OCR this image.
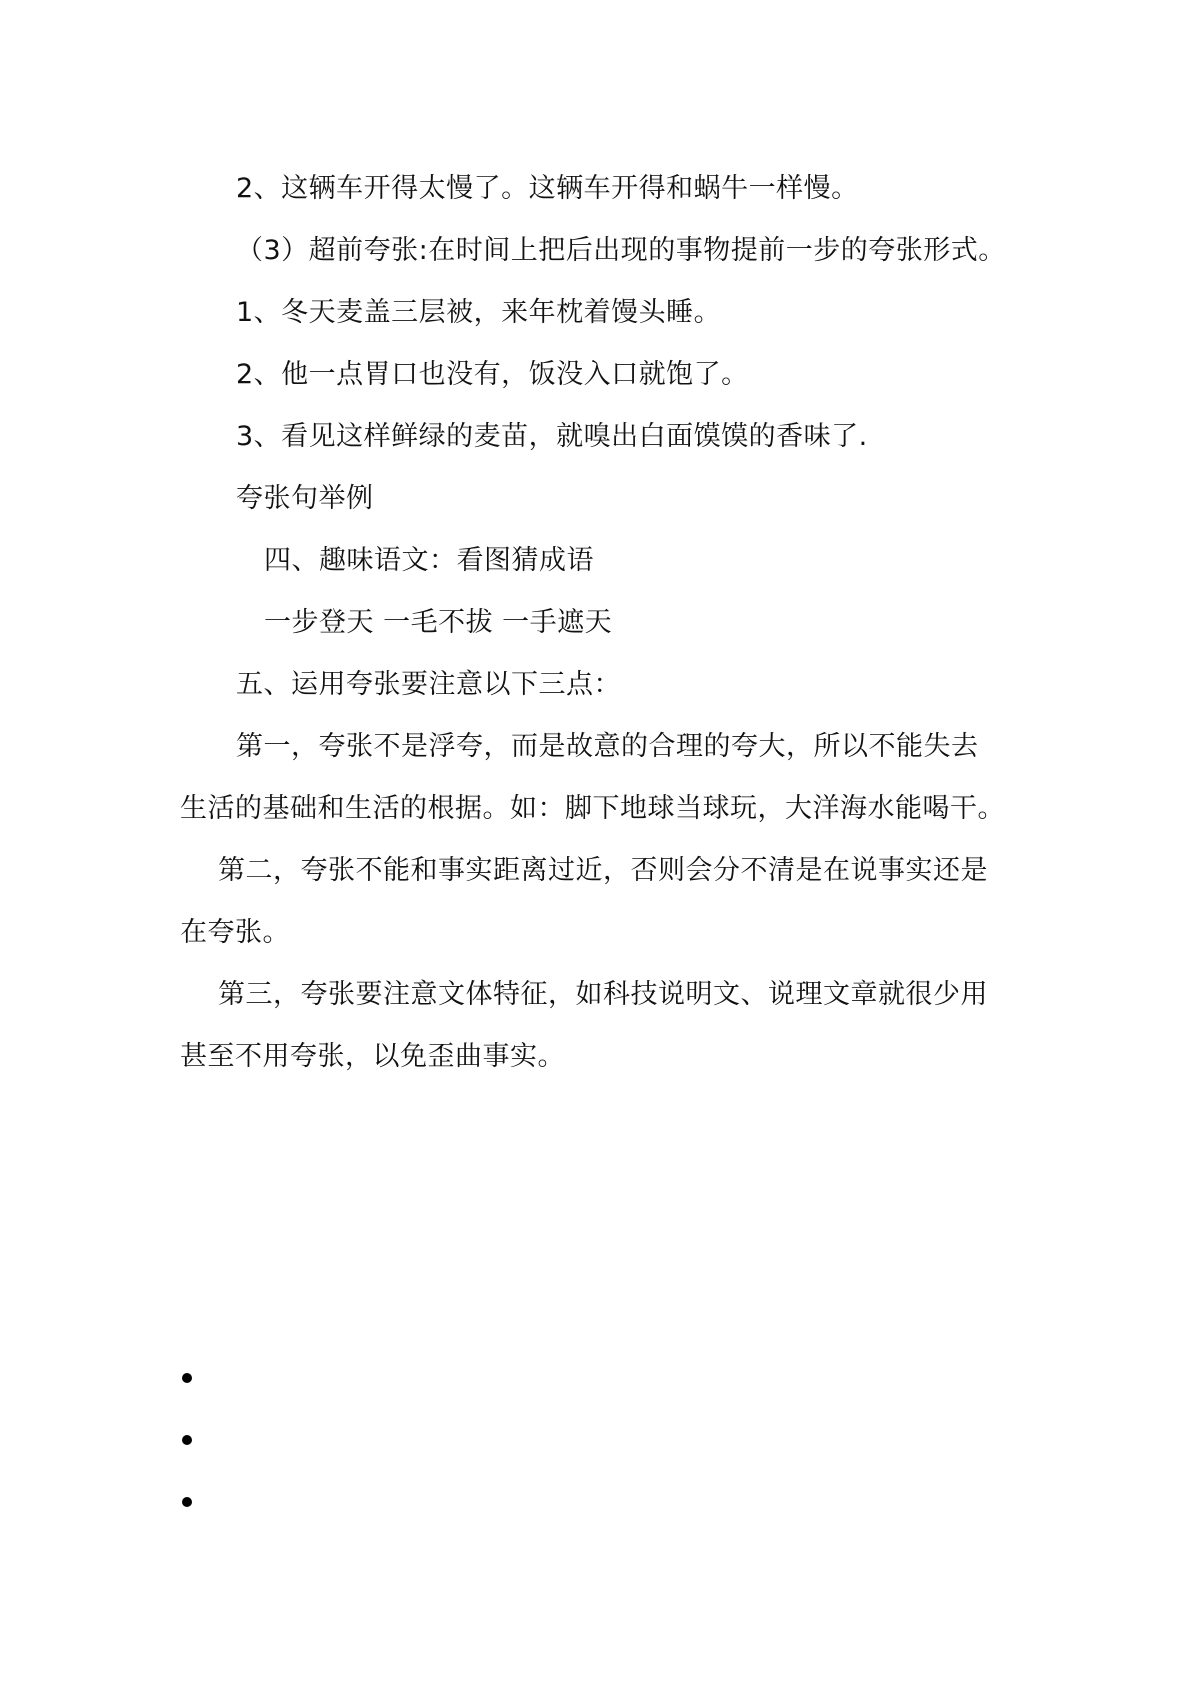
2、这辆车开得太慢了。这辆车开得和蜗牛一样慢。
（3）超前夸张:在时间上把后出现的事物提前一步的夸张形式。
1、冬天麦盖三层被，来年枕着馒头睡。
2、他一点胃口也没有，饭没入口就饱了。
3、看见这样鲜绿的麦苗，就嗅出白面馍馍的香味了.
夸张句举例
四、趣味语文：看图猜成语
一步登天 一毛不拔 一手遮天
五、运用夸张要注意以下三点：
第一，夸张不是浮夸，而是故意的合理的夸大，所以不能失去
生活的基础和生活的根据。如：脚下地球当球玩，大洋海水能喝干。
第二，夸张不能和事实距离过近，否则会分不清是在说事实还是
在夸张。
第三，夸张要注意文体特征，如科技说明文、说理文章就很少用
甚至不用夸张，以免歪曲事实。
